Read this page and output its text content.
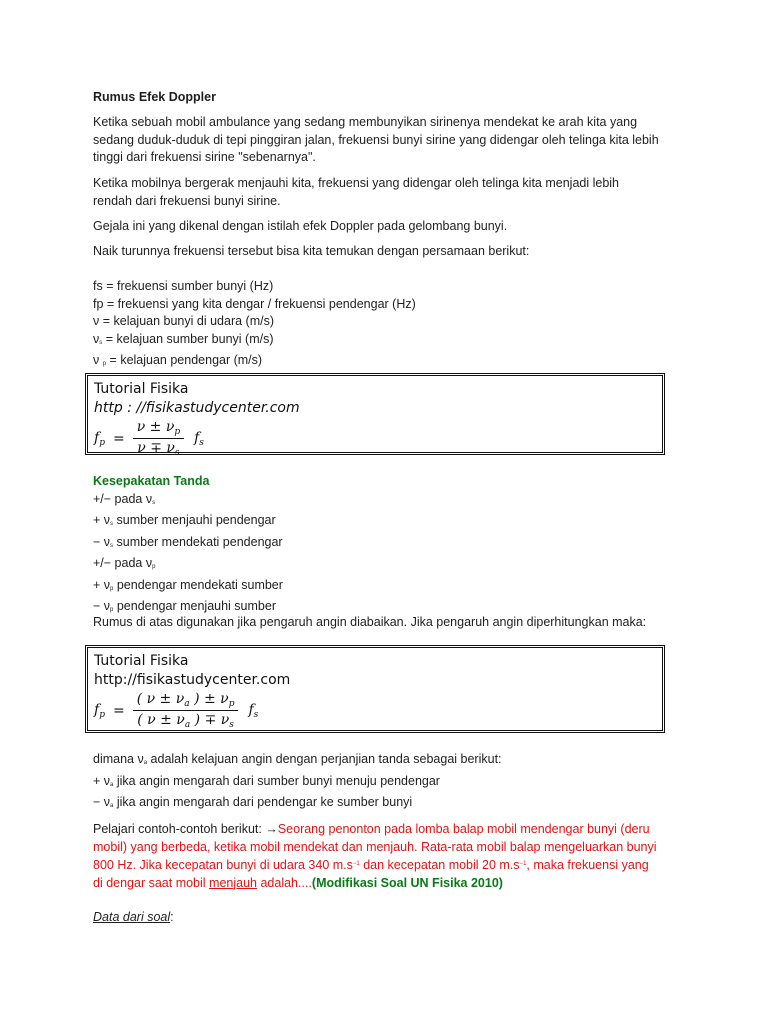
Rumus Efek Doppler

Ketika sebuah mobil ambulance yang sedang membunyikan sirinenya mendekat ke arah kita yang

sedang duduk-duduk di tepi pinggiran jalan, frekuensi bunyi sirine yang didengar oleh telinga kita lebih

tinggi dari frekuensi sirine "sebenarnya".

Ketika mobilnya bergerak menjauhi kita, frekuensi yang didengar oleh telinga kita menjadi lebih

rendah dari frekuensi bunyi sirine.

Gejala ini yang dikenal dengan istilah efek Doppler pada gelombang bunyi.

Naik turunnya frekuensi tersebut bisa kita temukan dengan persamaan berikut:

fs = frekuensi sumber bunyi (Hz)

fp = frekuensi yang kita dengar / frekuensi pendengar (Hz)

ν = kelajuan bunyi di udara (m/s)

νs = kelajuan sumber bunyi (m/s)

ν p = kelajuan pendengar (m/s)

Tutorial Fisika
http : //fisikastudycenter.com
$f_p = \frac{\nu \pm \nu_p}{\nu \mp \nu_s} f_s$

Kesepakatan Tanda

+/− pada νs

+ νs sumber menjauhi pendengar

− νs sumber mendekati pendengar

+/− pada νp

+ νp pendengar mendekati sumber

− νp pendengar menjauhi sumber

Rumus di atas digunakan jika pengaruh angin diabaikan. Jika pengaruh angin diperhitungkan maka:

Tutorial Fisika
http://fisikastudycenter.com
$f_p = \frac{( \nu \pm \nu_a ) \pm \nu_p}{( \nu \pm \nu_a ) \mp \nu_s} f_s$

dimana νa adalah kelajuan angin dengan perjanjian tanda sebagai berikut:

+ νa jika angin mengarah dari sumber bunyi menuju pendengar

− νa jika angin mengarah dari pendengar ke sumber bunyi

Pelajari contoh-contoh berikut: →Seorang penonton pada lomba balap mobil mendengar bunyi (deru

mobil) yang berbeda, ketika mobil mendekat dan menjauh. Rata-rata mobil balap mengeluarkan bunyi

800 Hz. Jika kecepatan bunyi di udara 340 $m.s^{-1}$ dan kecepatan mobil 20 $m.s^{-1}$, maka frekuensi yang

di dengar saat mobil menjauh adalah....(Modifikasi Soal UN Fisika 2010)

Data dari soal:
